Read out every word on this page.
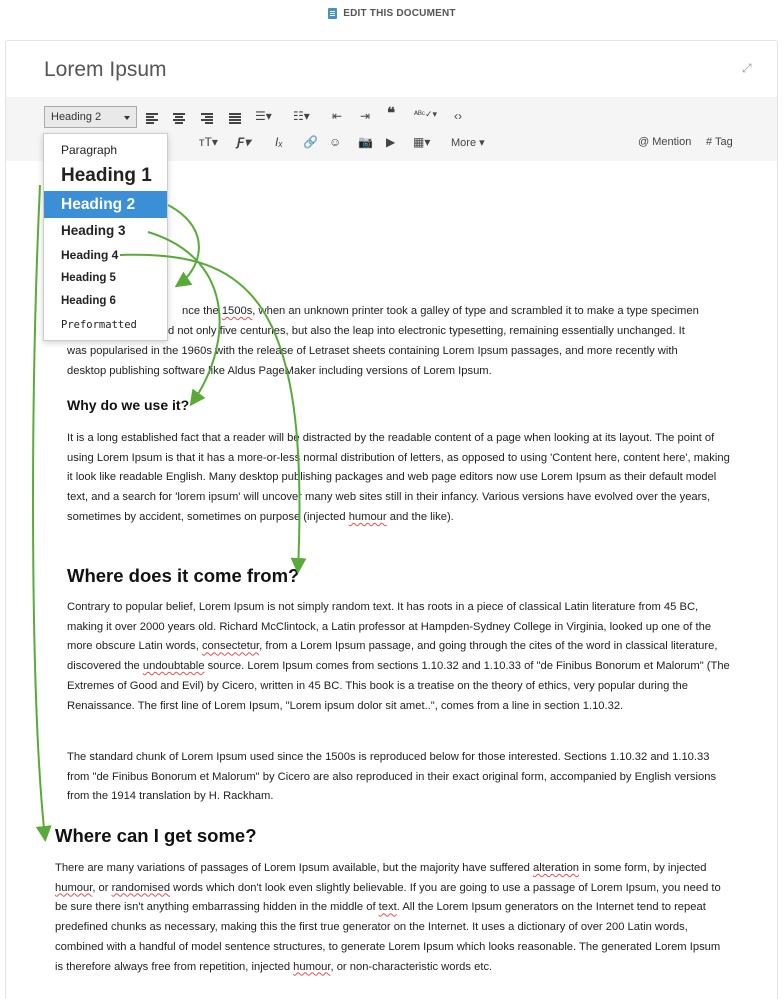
EDIT THIS DOCUMENT
Lorem Ipsum	⤢
Heading 2	☰▾ ☷▾ ⇤ ⇥ ❝ ᴬᴮᶜ✓▾ ‹›
ᴛT▾ Ƒ▾ Iₓ 🔗 ☺ 📷 ▶ ▦▾ More ▾	@ Mention # Tag
nce the 1500s, when an unknown printer took a galley of type and scrambled it to make a type specimen
d not only five centuries, but also the leap into electronic typesetting, remaining essentially unchanged. It
was popularised in the 1960s with the release of Letraset sheets containing Lorem Ipsum passages, and more recently with
desktop publishing software like Aldus PageMaker including versions of Lorem Ipsum.
Why do we use it?
It is a long established fact that a reader will be distracted by the readable content of a page when looking at its layout. The point of using Lorem Ipsum is that it has a more-or-less normal distribution of letters, as opposed to using 'Content here, content here', making it look like readable English. Many desktop publishing packages and web page editors now use Lorem Ipsum as their default model text, and a search for 'lorem ipsum' will uncover many web sites still in their infancy. Various versions have evolved over the years, sometimes by accident, sometimes on purpose (injected humour and the like).
Where does it come from?
Contrary to popular belief, Lorem Ipsum is not simply random text. It has roots in a piece of classical Latin literature from 45 BC, making it over 2000 years old. Richard McClintock, a Latin professor at Hampden-Sydney College in Virginia, looked up one of the more obscure Latin words, consectetur, from a Lorem Ipsum passage, and going through the cites of the word in classical literature, discovered the undoubtable source. Lorem Ipsum comes from sections 1.10.32 and 1.10.33 of "de Finibus Bonorum et Malorum" (The Extremes of Good and Evil) by Cicero, written in 45 BC. This book is a treatise on the theory of ethics, very popular during the Renaissance. The first line of Lorem Ipsum, "Lorem ipsum dolor sit amet..", comes from a line in section 1.10.32.
The standard chunk of Lorem Ipsum used since the 1500s is reproduced below for those interested. Sections 1.10.32 and 1.10.33 from "de Finibus Bonorum et Malorum" by Cicero are also reproduced in their exact original form, accompanied by English versions from the 1914 translation by H. Rackham.
Where can I get some?
There are many variations of passages of Lorem Ipsum available, but the majority have suffered alteration in some form, by injected humour, or randomised words which don't look even slightly believable. If you are going to use a passage of Lorem Ipsum, you need to be sure there isn't anything embarrassing hidden in the middle of text. All the Lorem Ipsum generators on the Internet tend to repeat predefined chunks as necessary, making this the first true generator on the Internet. It uses a dictionary of over 200 Latin words, combined with a handful of model sentence structures, to generate Lorem Ipsum which looks reasonable. The generated Lorem Ipsum is therefore always free from repetition, injected humour, or non-characteristic words etc.
Paragraph
Heading 1
Heading 2
Heading 3
Heading 4
Heading 5
Heading 6
Preformatted
